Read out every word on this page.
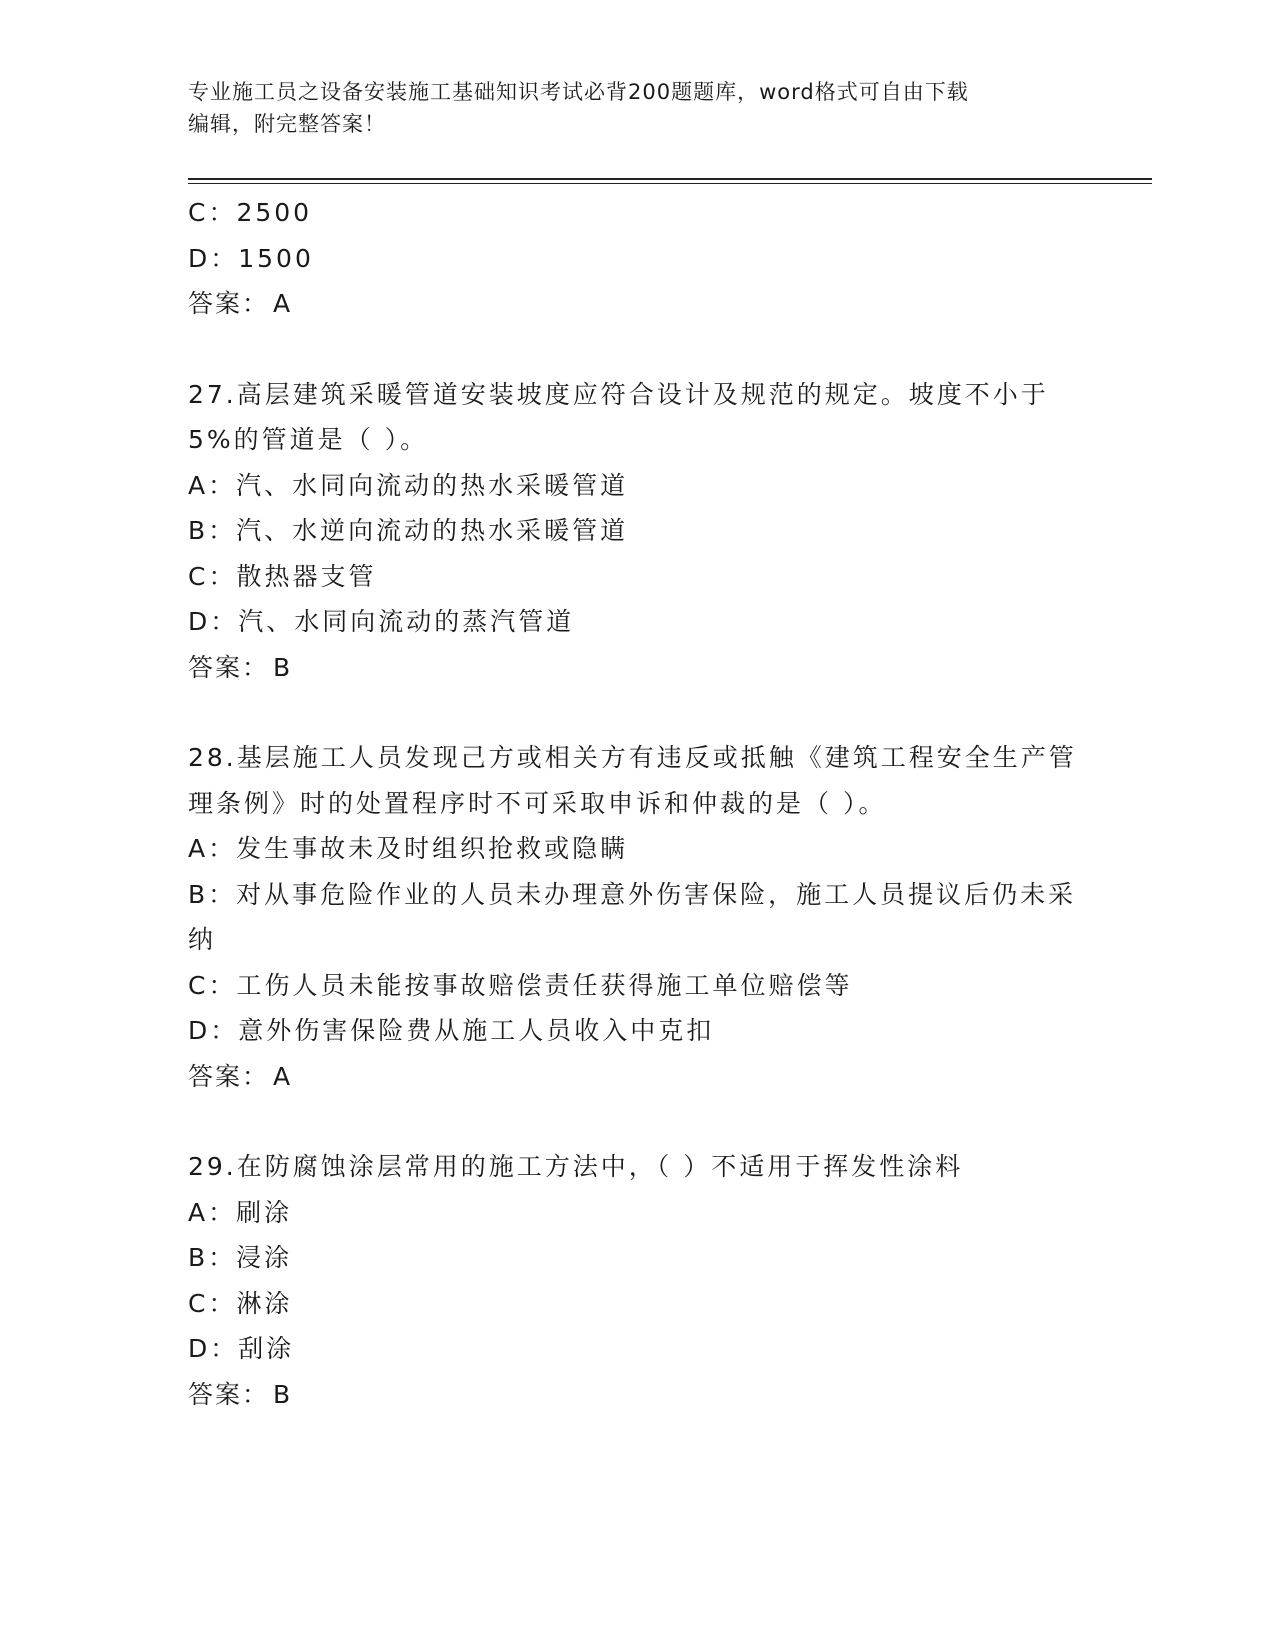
专业施工员之设备安装施工基础知识考试必背200题题库，word格式可自由下载
编辑，附完整答案！
C：2500
D：1500
答案： A
27.高层建筑采暖管道安装坡度应符合设计及规范的规定。坡度不小于5%的管道是（ ）。
A：汽、水同向流动的热水采暖管道
B：汽、水逆向流动的热水采暖管道
C：散热器支管
D：汽、水同向流动的蒸汽管道
答案： B
28.基层施工人员发现己方或相关方有违反或抵触《建筑工程安全生产管理条例》时的处置程序时不可采取申诉和仲裁的是（ ）。
A：发生事故未及时组织抢救或隐瞒
B：对从事危险作业的人员未办理意外伤害保险，施工人员提议后仍未采纳
C：工伤人员未能按事故赔偿责任获得施工单位赔偿等
D：意外伤害保险费从施工人员收入中克扣
答案： A
29.在防腐蚀涂层常用的施工方法中，（ ）不适用于挥发性涂料
A：刷涂
B：浸涂
C：淋涂
D：刮涂
答案： B
